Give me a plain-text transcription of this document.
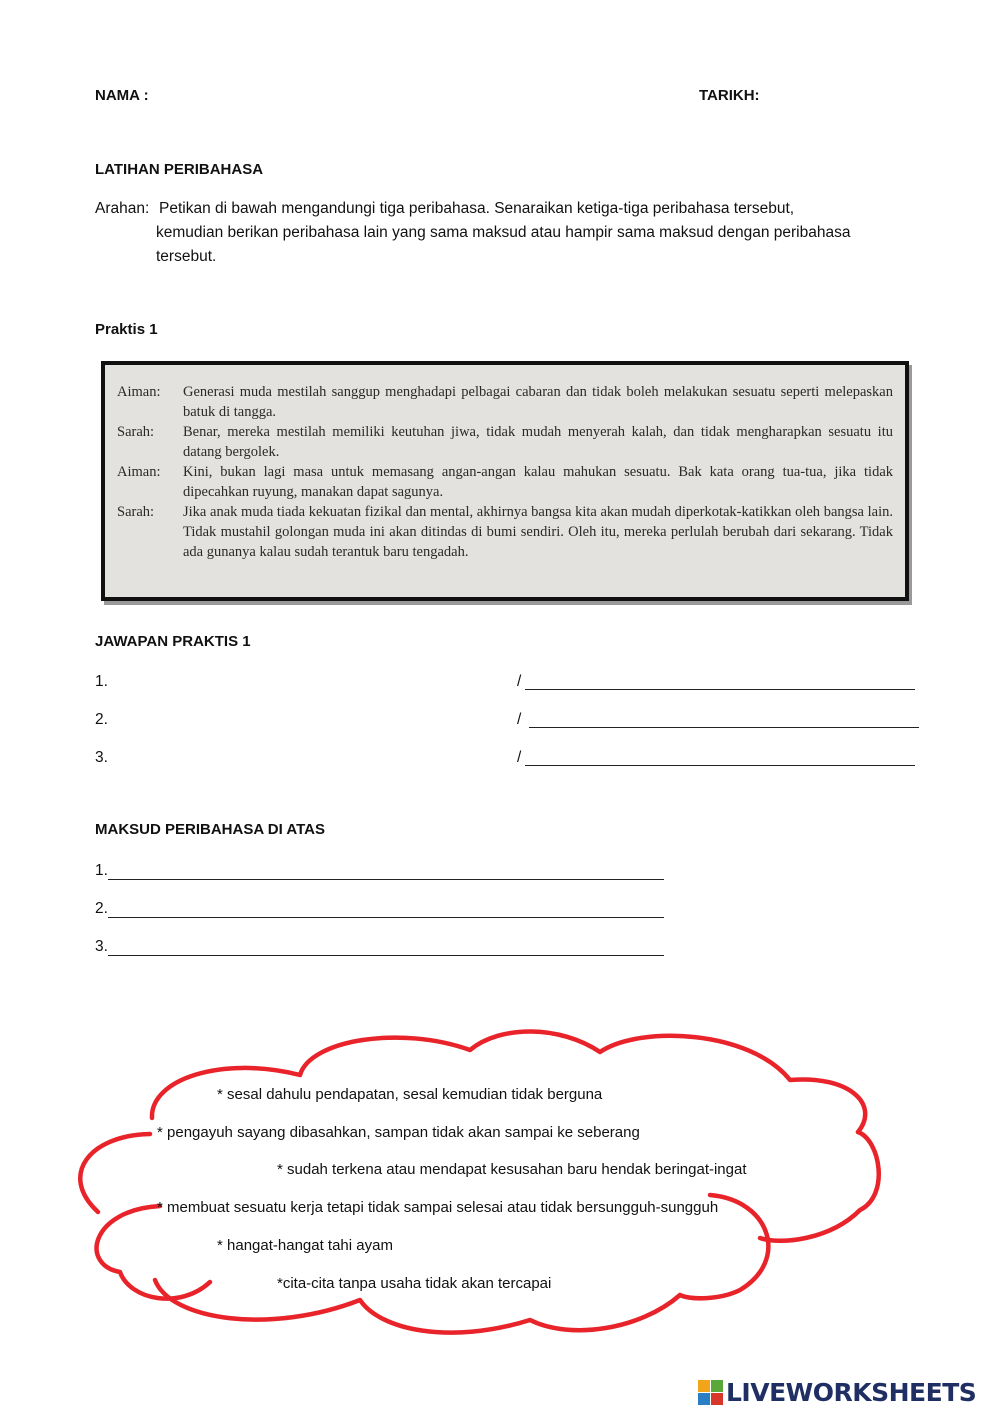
NAMA :	TARIKH:
LATIHAN PERIBAHASA
Arahan: Petikan di bawah mengandungi tiga peribahasa. Senaraikan ketiga-tiga peribahasa tersebut,
kemudian berikan peribahasa lain yang sama maksud atau hampir sama maksud dengan peribahasa
tersebut.
Praktis 1
Aiman:	Generasi muda mestilah sanggup menghadapi pelbagai cabaran dan tidak boleh melakukan sesuatu seperti melepaskan batuk di tangga.
Sarah:	Benar, mereka mestilah memiliki keutuhan jiwa, tidak mudah menyerah kalah, dan tidak mengharapkan sesuatu itu datang bergolek.
Aiman:	Kini, bukan lagi masa untuk memasang angan-angan kalau mahukan sesuatu. Bak kata orang tua-tua, jika tidak dipecahkan ruyung, manakan dapat sagunya.
Sarah:	Jika anak muda tiada kekuatan fizikal dan mental, akhirnya bangsa kita akan mudah diperkotak-katikkan oleh bangsa lain. Tidak mustahil golongan muda ini akan ditindas di bumi sendiri. Oleh itu, mereka perlulah berubah dari sekarang. Tidak ada gunanya kalau sudah terantuk baru tengadah.
JAWAPAN PRAKTIS 1
1.	/
2.	/
3.	/
MAKSUD PERIBAHASA DI ATAS
1.
2.
3.
* sesal dahulu pendapatan, sesal kemudian tidak berguna
* pengayuh sayang dibasahkan, sampan tidak akan sampai ke seberang
* sudah terkena atau mendapat kesusahan baru hendak beringat-ingat
* membuat sesuatu kerja tetapi tidak sampai selesai atau tidak bersungguh-sungguh
* hangat-hangat tahi ayam
*cita-cita tanpa usaha tidak akan tercapai
LIVEWORKSHEETS
